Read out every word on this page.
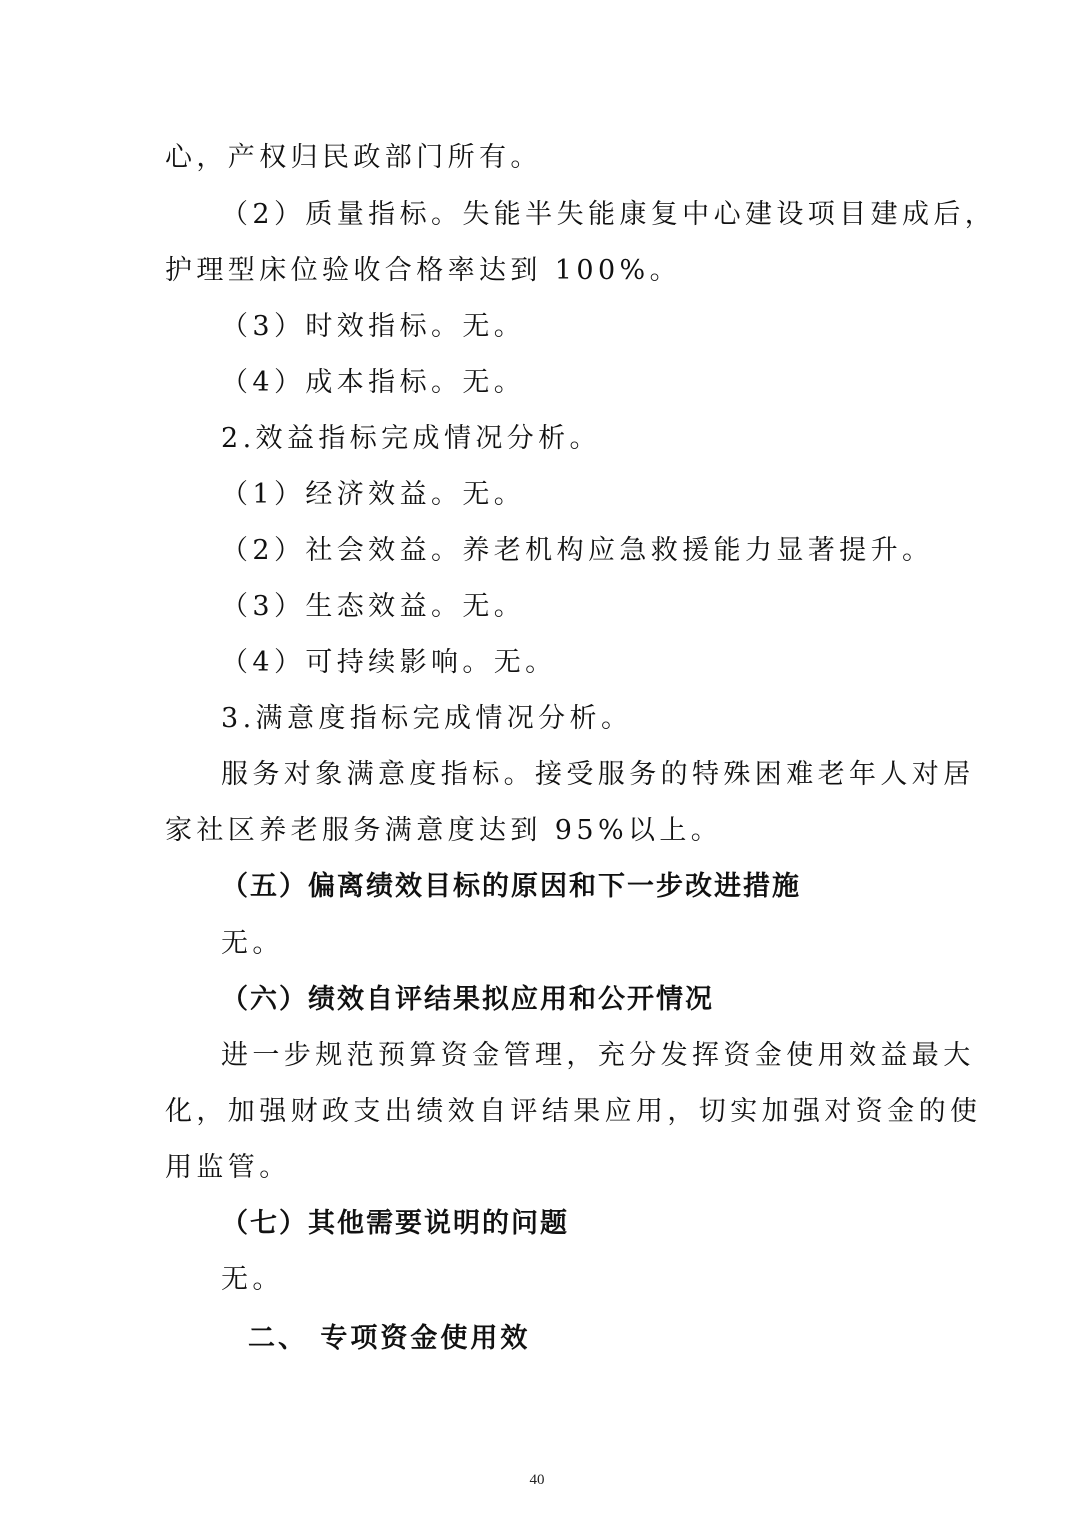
心，产权归民政部门所有。
（2）质量指标。失能半失能康复中心建设项目建成后，
护理型床位验收合格率达到 100%。
（3）时效指标。无。
（4）成本指标。无。
2.效益指标完成情况分析。
（1）经济效益。无。
（2）社会效益。养老机构应急救援能力显著提升。
（3）生态效益。无。
（4）可持续影响。无。
3.满意度指标完成情况分析。
服务对象满意度指标。接受服务的特殊困难老年人对居
家社区养老服务满意度达到 95%以上。
（五）偏离绩效目标的原因和下一步改进措施
无。
（六）绩效自评结果拟应用和公开情况
进一步规范预算资金管理，充分发挥资金使用效益最大
化，加强财政支出绩效自评结果应用，切实加强对资金的使
用监管。
（七）其他需要说明的问题
无。
二、 专项资金使用效
40
